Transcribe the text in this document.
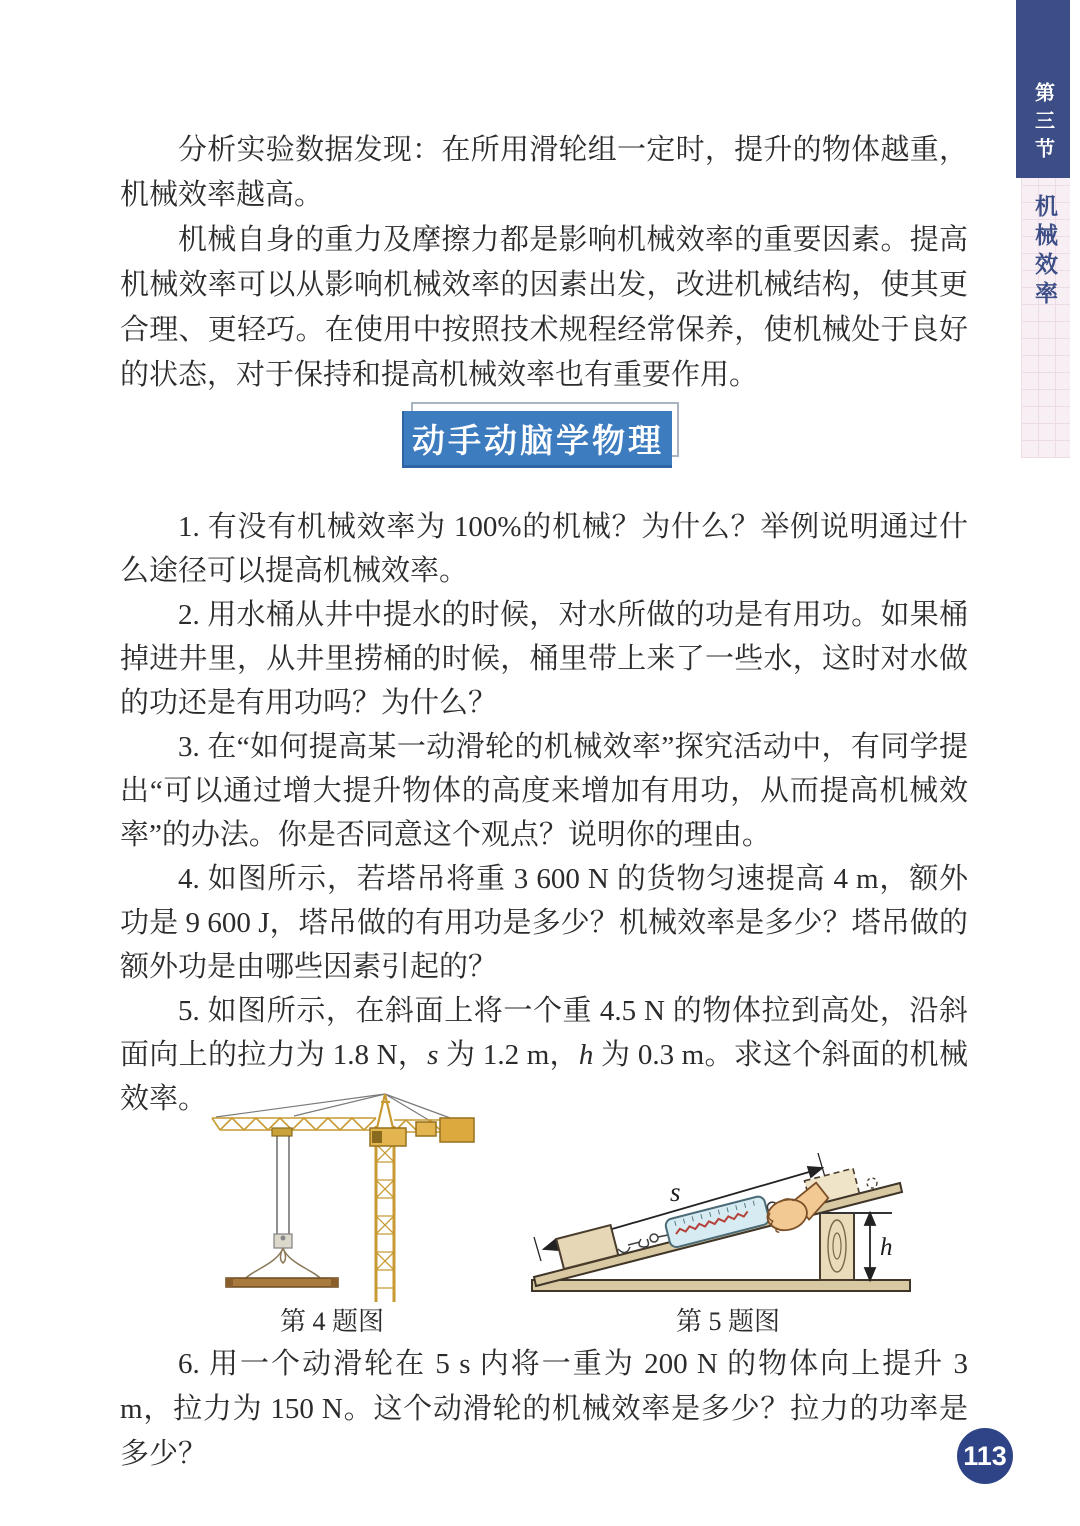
第三节
机械效率

分析实验数据发现：在所用滑轮组一定时，提升的物体越重，机械效率越高。

机械自身的重力及摩擦力都是影响机械效率的重要因素。提高机械效率可以从影响机械效率的因素出发，改进机械结构，使其更合理、更轻巧。在使用中按照技术规程经常保养，使机械处于良好的状态，对于保持和提高机械效率也有重要作用。

动手动脑学物理

1. 有没有机械效率为 100%的机械？为什么？举例说明通过什么途径可以提高机械效率。

2. 用水桶从井中提水的时候，对水所做的功是有用功。如果桶掉进井里，从井里捞桶的时候，桶里带上来了一些水，这时对水做的功还是有用功吗？为什么？

3. 在“如何提高某一动滑轮的机械效率”探究活动中，有同学提出“可以通过增大提升物体的高度来增加有用功，从而提高机械效率”的办法。你是否同意这个观点？说明你的理由。

4. 如图所示，若塔吊将重 3 600 N 的货物匀速提高 4 m，额外功是 9 600 J，塔吊做的有用功是多少？机械效率是多少？塔吊做的额外功是由哪些因素引起的？

5. 如图所示，在斜面上将一个重 4.5 N 的物体拉到高处，沿斜面向上的拉力为 1.8 N，s 为 1.2 m，h 为 0.3 m。求这个斜面的机械效率。

第 4 题图
s
h
第 5 题图

6. 用一个动滑轮在 5 s 内将一重为 200 N 的物体向上提升 3 m，拉力为 150 N。这个动滑轮的机械效率是多少？拉力的功率是多少？	113
